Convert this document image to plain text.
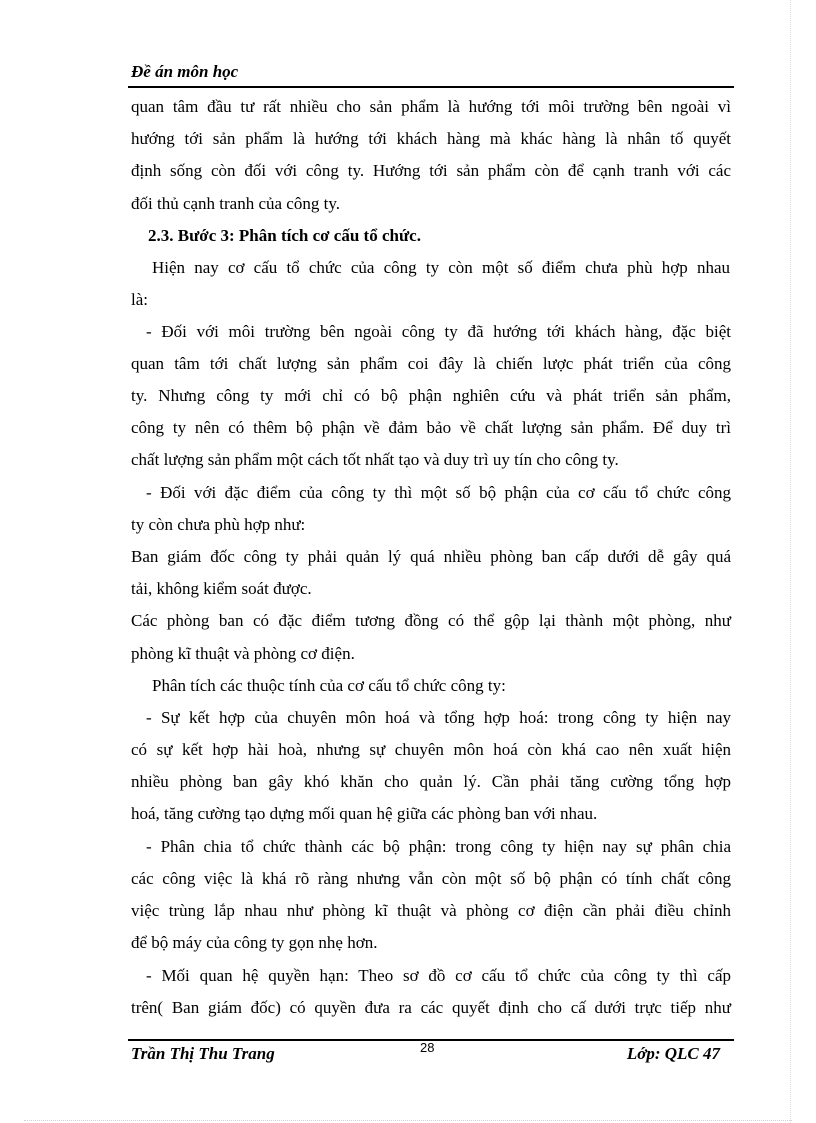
Đề án môn học
quan tâm đầu tư rất nhiều cho sản phẩm là hướng tới môi trường bên ngoài vì
hướng tới sản phẩm là hướng tới khách hàng mà khác hàng là nhân tố quyết
định sống còn đối với công ty. Hướng tới sản phẩm còn để cạnh tranh với các
đối thủ cạnh tranh của công ty.
2.3. Bước 3: Phân tích cơ cấu tổ chức.
Hiện nay cơ cấu tổ chức của công ty còn một số điểm chưa phù hợp nhau
là:
- Đối với môi trường bên ngoài công ty đã hướng tới khách hàng, đặc biệt
quan tâm tới chất lượng sản phẩm coi đây là chiến lược phát triển của công
ty. Nhưng công ty mới chỉ có bộ phận nghiên cứu và phát triển sản phẩm,
công ty nên có thêm bộ phận về đảm bảo về chất lượng sản phẩm. Để duy trì
chất lượng sản phẩm một cách tốt nhất tạo và duy trì uy tín cho công ty.
- Đối với đặc điểm của công ty thì một số bộ phận của cơ cấu tổ chức công
ty còn chưa phù hợp như:
Ban giám đốc công ty phải quản lý quá nhiều phòng ban cấp dưới dễ gây quá
tải, không kiểm soát được.
Các phòng ban có đặc điểm tương đồng có thể gộp lại thành một phòng, như
phòng kĩ thuật và phòng cơ điện.
Phân tích các thuộc tính của cơ cấu tổ chức công ty:
- Sự kết hợp của chuyên môn hoá và tổng hợp hoá: trong công ty hiện nay
có sự kết hợp hài hoà, nhưng sự chuyên môn hoá còn khá cao nên xuất hiện
nhiều phòng ban gây khó khăn cho quản lý. Cần phải tăng cường tổng hợp
hoá, tăng cường tạo dựng mối quan hệ giữa các phòng ban với nhau.
- Phân chia tổ chức thành các bộ phận: trong công ty hiện nay sự phân chia
các công việc là khá rõ ràng nhưng vẫn còn một số bộ phận có tính chất công
việc trùng lắp nhau như phòng kĩ thuật và phòng cơ điện cần phải điều chỉnh
để bộ máy của công ty gọn nhẹ hơn.
- Mối quan hệ quyền hạn: Theo sơ đồ cơ cấu tổ chức của công ty thì cấp
trên( Ban giám đốc) có quyền đưa ra các quyết định cho cấ dưới trực tiếp như
Trần Thị Thu Trang	28	Lớp: QLC 47
